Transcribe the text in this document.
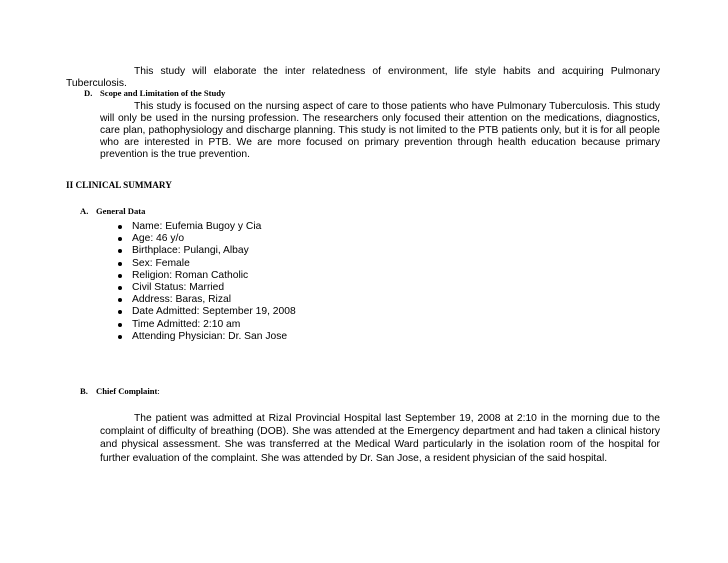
This study will elaborate the inter relatedness of environment, life style habits and acquiring Pulmonary Tuberculosis.

D. Scope and Limitation of the Study

This study is focused on the nursing aspect of care to those patients who have Pulmonary Tuberculosis. This study will only be used in the nursing profession. The researchers only focused their attention on the medications, diagnostics, care plan, pathophysiology and discharge planning. This study is not limited to the PTB patients only, but it is for all people who are interested in PTB. We are more focused on primary prevention through health education because primary prevention is the true prevention.

II CLINICAL SUMMARY
A. General Data
Name: Eufemia Bugoy y Cia
Age: 46 y/o
Birthplace: Pulangi, Albay
Sex: Female
Religion: Roman Catholic
Civil Status: Married
Address: Baras, Rizal
Date Admitted: September 19, 2008
Time Admitted: 2:10 am
Attending Physician: Dr. San Jose
B. Chief Complaint:

The patient was admitted at Rizal Provincial Hospital last September 19, 2008 at 2:10 in the morning due to the complaint of difficulty of breathing (DOB). She was attended at the Emergency department and had taken a clinical history and physical assessment. She was transferred at the Medical Ward particularly in the isolation room of the hospital for further evaluation of the complaint. She was attended by Dr. San Jose, a resident physician of the said hospital.
